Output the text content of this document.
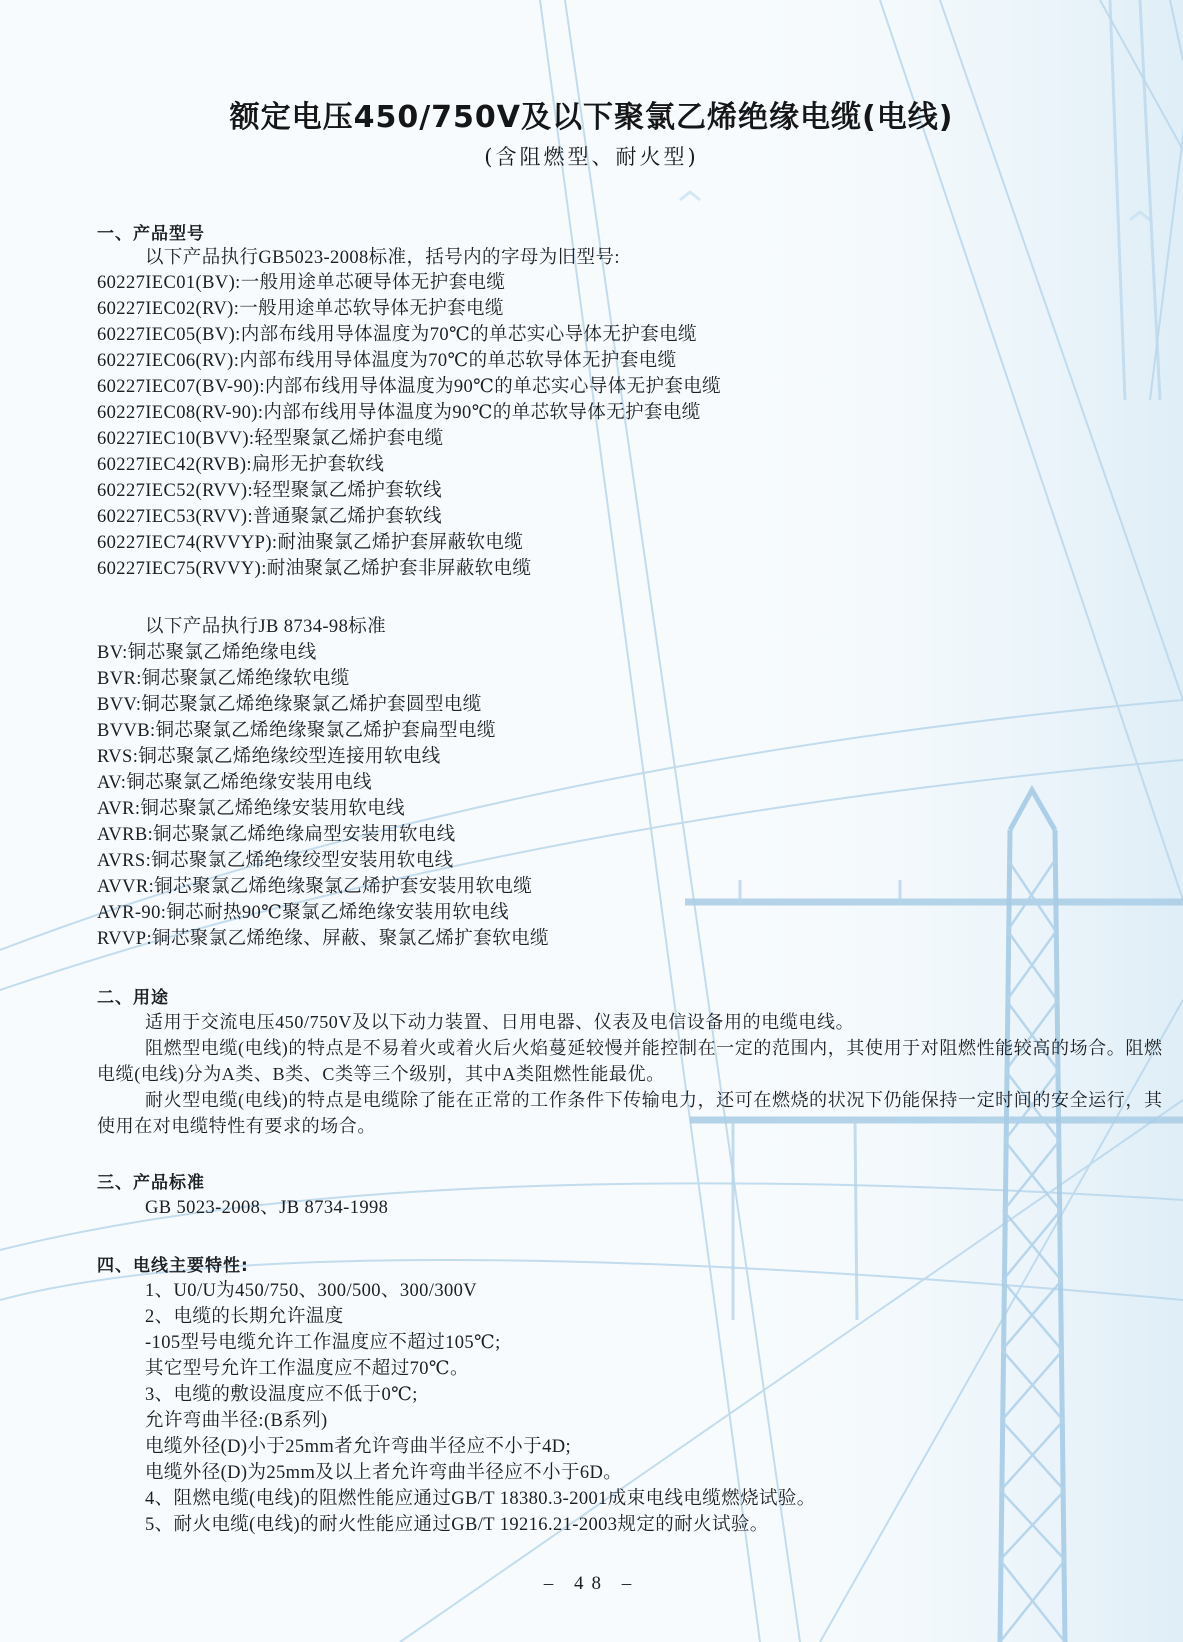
额定电压450/750V及以下聚氯乙烯绝缘电缆(电线)
(含阻燃型、耐火型)
一、产品型号
以下产品执行GB5023-2008标准，括号内的字母为旧型号:
60227IEC01(BV):一般用途单芯硬导体无护套电缆
60227IEC02(RV):一般用途单芯软导体无护套电缆
60227IEC05(BV):内部布线用导体温度为70℃的单芯实心导体无护套电缆
60227IEC06(RV):内部布线用导体温度为70℃的单芯软导体无护套电缆
60227IEC07(BV-90):内部布线用导体温度为90℃的单芯实心导体无护套电缆
60227IEC08(RV-90):内部布线用导体温度为90℃的单芯软导体无护套电缆
60227IEC10(BVV):轻型聚氯乙烯护套电缆
60227IEC42(RVB):扁形无护套软线
60227IEC52(RVV):轻型聚氯乙烯护套软线
60227IEC53(RVV):普通聚氯乙烯护套软线
60227IEC74(RVVYP):耐油聚氯乙烯护套屏蔽软电缆
60227IEC75(RVVY):耐油聚氯乙烯护套非屏蔽软电缆
以下产品执行JB 8734-98标准
BV:铜芯聚氯乙烯绝缘电线
BVR:铜芯聚氯乙烯绝缘软电缆
BVV:铜芯聚氯乙烯绝缘聚氯乙烯护套圆型电缆
BVVB:铜芯聚氯乙烯绝缘聚氯乙烯护套扁型电缆
RVS:铜芯聚氯乙烯绝缘绞型连接用软电线
AV:铜芯聚氯乙烯绝缘安装用电线
AVR:铜芯聚氯乙烯绝缘安装用软电线
AVRB:铜芯聚氯乙烯绝缘扁型安装用软电线
AVRS:铜芯聚氯乙烯绝缘绞型安装用软电线
AVVR:铜芯聚氯乙烯绝缘聚氯乙烯护套安装用软电缆
AVR-90:铜芯耐热90℃聚氯乙烯绝缘安装用软电线
RVVP:铜芯聚氯乙烯绝缘、屏蔽、聚氯乙烯扩套软电缆
二、用途
适用于交流电压450/750V及以下动力装置、日用电器、仪表及电信设备用的电缆电线。
阻燃型电缆(电线)的特点是不易着火或着火后火焰蔓延较慢并能控制在一定的范围内，其使用于对阻燃性能较高的场合。阻燃电缆(电线)分为A类、B类、C类等三个级别，其中A类阻燃性能最优。
耐火型电缆(电线)的特点是电缆除了能在正常的工作条件下传输电力，还可在燃烧的状况下仍能保持一定时间的安全运行，其使用在对电缆特性有要求的场合。
三、产品标准
GB 5023-2008、JB 8734-1998
四、电线主要特性:
1、U0/U为450/750、300/500、300/300V
2、电缆的长期允许温度
-105型号电缆允许工作温度应不超过105℃;
其它型号允许工作温度应不超过70℃。
3、电缆的敷设温度应不低于0℃;
允许弯曲半径:(B系列)
电缆外径(D)小于25mm者允许弯曲半径应不小于4D;
电缆外径(D)为25mm及以上者允许弯曲半径应不小于6D。
4、阻燃电缆(电线)的阻燃性能应通过GB/T 18380.3-2001成束电线电缆燃烧试验。
5、耐火电缆(电线)的耐火性能应通过GB/T 19216.21-2003规定的耐火试验。
– 48 –
